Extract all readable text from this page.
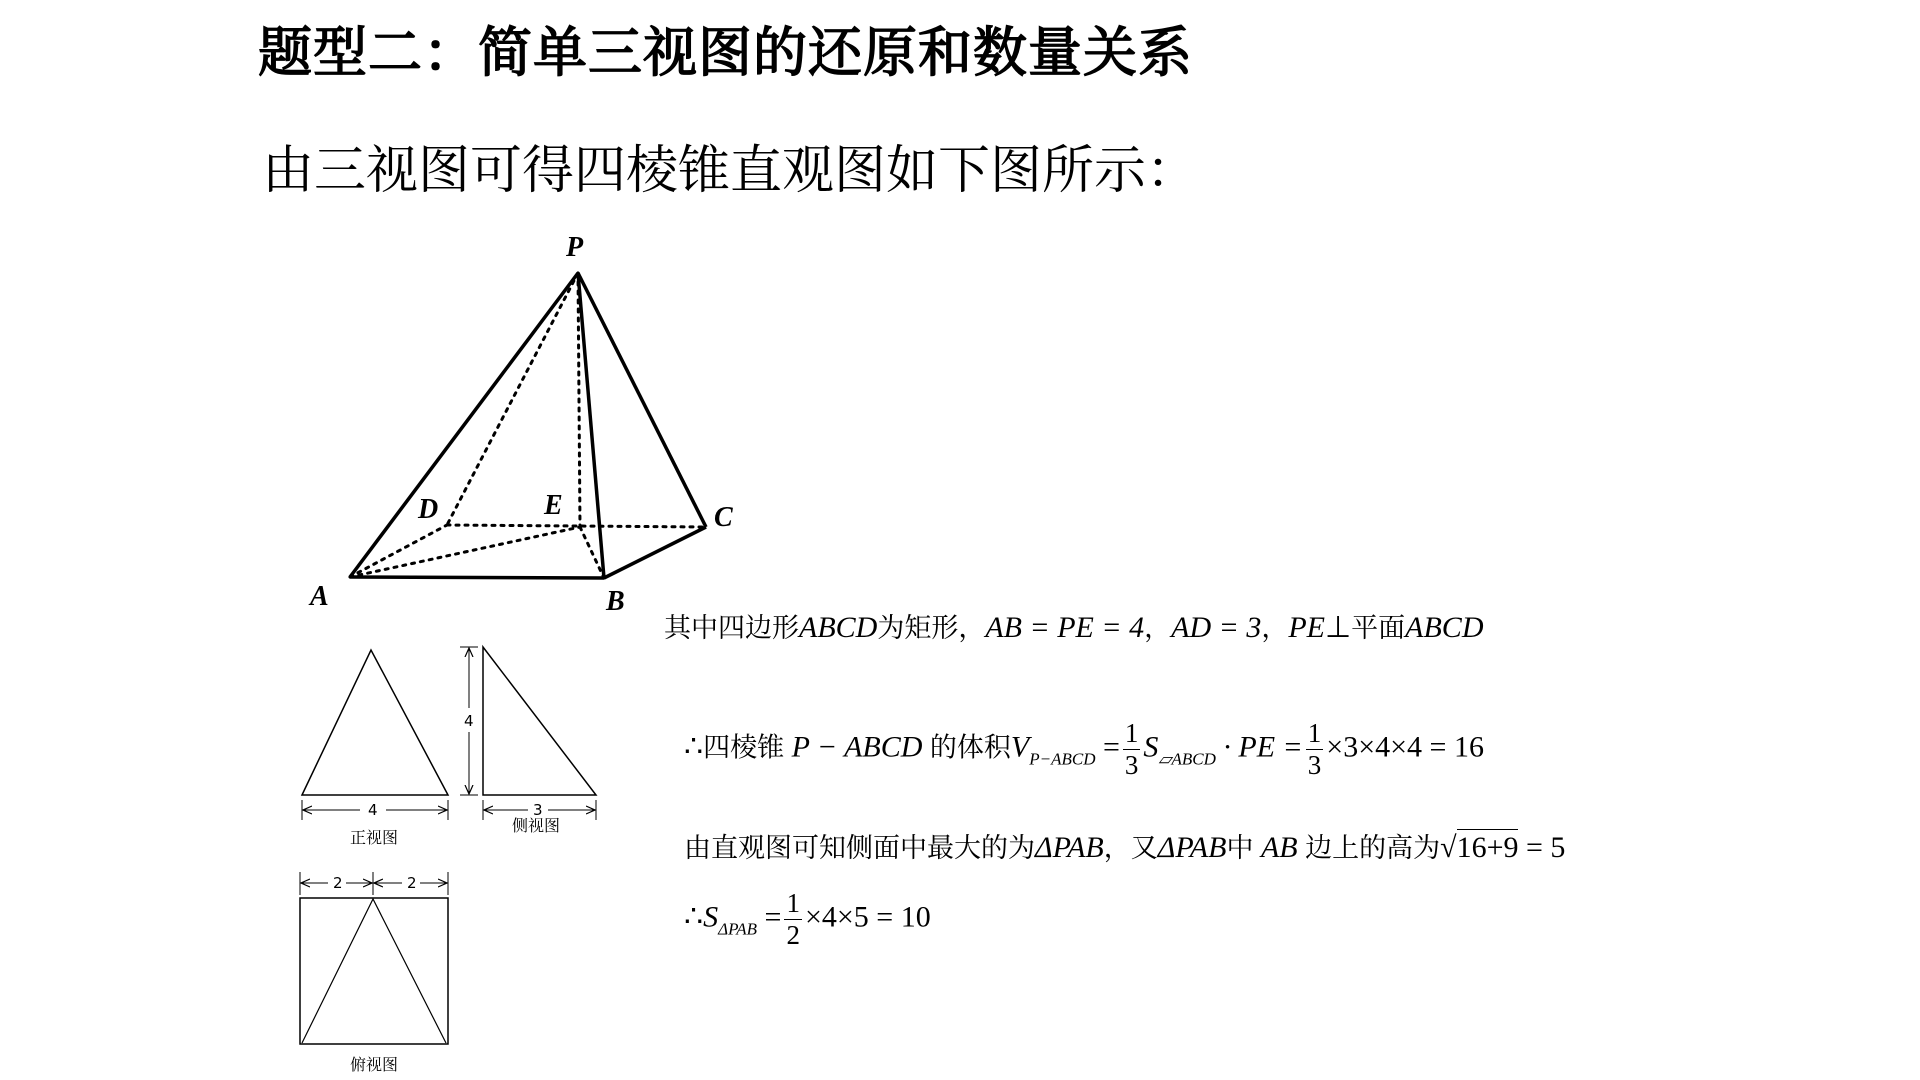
题型二：简单三视图的还原和数量关系
由三视图可得四棱锥直观图如下图所示：
P
A	B
C
D	E
4
正视图
4
3
侧视图
2	2
俯视图
其中四边形ABCD为矩形，AB = PE = 4，AD = 3，PE⊥平面ABCD
∴四棱锥 P − ABCD 的体积$V_{P-ABCD} = \frac{1}{3} S_{▱ABCD}$ · PE = $\frac{1}{3} \times 3\times 4\times 4 = 16$
由直观图可知侧面中最大的为ΔPAB，又ΔPAB中 AB 边上的高为√16+9 = 5
$\therefore S_{\Delta PAB} = \frac{1}{2} \times 4\times 5 = 10$
